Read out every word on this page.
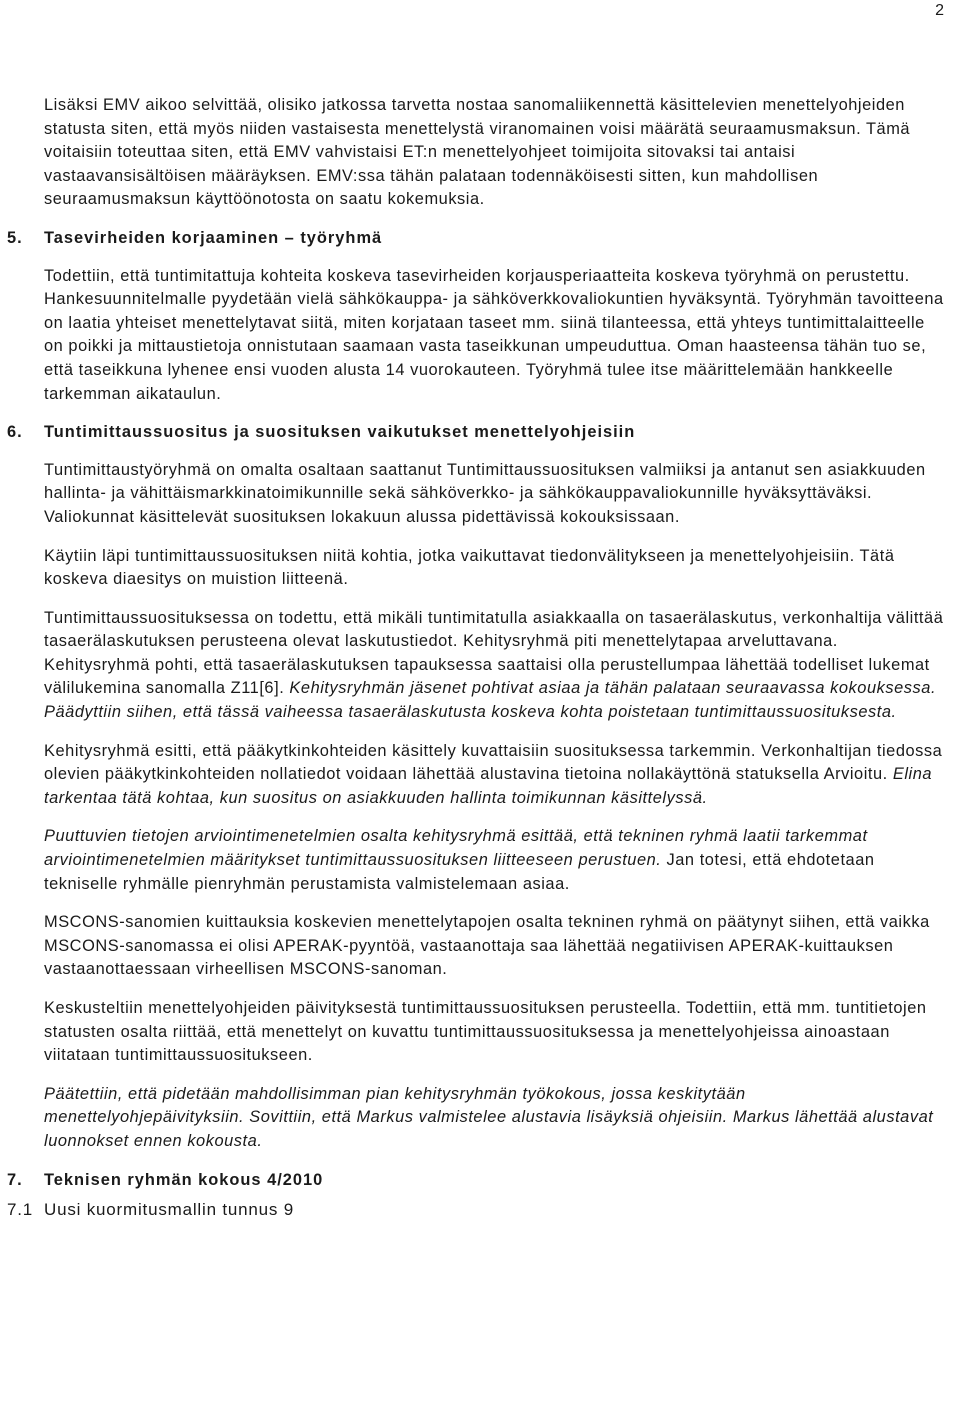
2

Lisäksi EMV aikoo selvittää, olisiko jatkossa tarvetta nostaa sanomaliikennettä käsittelevien menettelyohjeiden statusta siten, että myös niiden vastaisesta menettelystä viranomainen voisi määrätä seuraamusmaksun. Tämä voitaisiin toteuttaa siten, että EMV vahvistaisi ET:n menettelyohjeet toimijoita sitovaksi tai antaisi vastaavansisältöisen määräyksen. EMV:ssa tähän palataan todennäköisesti sitten, kun mahdollisen seuraamusmaksun käyttöönotosta on saatu kokemuksia.

5. Tasevirheiden korjaaminen – työryhmä

Todettiin, että tuntimitattuja kohteita koskeva tasevirheiden korjausperiaatteita koskeva työryhmä on perustettu. Hankesuunnitelmalle pyydetään vielä sähkökauppa- ja sähköverkkovaliokuntien hyväksyntä. Työryhmän tavoitteena on laatia yhteiset menettelytavat siitä, miten korjataan taseet mm. siinä tilanteessa, että yhteys tuntimittalaitteelle on poikki ja mittaustietoja onnistutaan saamaan vasta taseikkunan umpeuduttua. Oman haasteensa tähän tuo se, että taseikkuna lyhenee ensi vuoden alusta 14 vuorokauteen. Työryhmä tulee itse määrittelemään hankkeelle tarkemman aikataulun.

6. Tuntimittaussuositus ja suosituksen vaikutukset menettelyohjeisiin

Tuntimittaustyöryhmä on omalta osaltaan saattanut Tuntimittaussuosituksen valmiiksi ja antanut sen asiakkuuden hallinta- ja vähittäismarkkinatoimikunnille sekä sähköverkko- ja sähkökauppavaliokunnille hyväksyttäväksi. Valiokunnat käsittelevät suosituksen lokakuun alussa pidettävissä kokouksissaan.

Käytiin läpi tuntimittaussuosituksen niitä kohtia, jotka vaikuttavat tiedonvälitykseen ja menettelyohjeisiin. Tätä koskeva diaesitys on muistion liitteenä.

Tuntimittaussuosituksessa on todettu, että mikäli tuntimitatulla asiakkaalla on tasaerälaskutus, verkonhaltija välittää tasaerälaskutuksen perusteena olevat laskutustiedot. Kehitysryhmä piti menettelytapaa arveluttavana. Kehitysryhmä pohti, että tasaerälaskutuksen tapauksessa saattaisi olla perustellumpaa lähettää todelliset lukemat välilukemina sanomalla Z11[6]. Kehitysryhmän jäsenet pohtivat asiaa ja tähän palataan seuraavassa kokouksessa. Päädyttiin siihen, että tässä vaiheessa tasaerälaskutusta koskeva kohta poistetaan tuntimittaussuosituksesta.

Kehitysryhmä esitti, että pääkytkinkohteiden käsittely kuvattaisiin suosituksessa tarkemmin. Verkonhaltijan tiedossa olevien pääkytkinkohteiden nollatiedot voidaan lähettää alustavina tietoina nollakäyttönä statuksella Arvioitu. Elina tarkentaa tätä kohtaa, kun suositus on asiakkuuden hallinta toimikunnan käsittelyssä.

Puuttuvien tietojen arviointimenetelmien osalta kehitysryhmä esittää, että tekninen ryhmä laatii tarkemmat arviointimenetelmien määritykset tuntimittaussuosituksen liitteeseen perustuen. Jan totesi, että ehdotetaan tekniselle ryhmälle pienryhmän perustamista valmistelemaan asiaa.

MSCONS-sanomien kuittauksia koskevien menettelytapojen osalta tekninen ryhmä on päätynyt siihen, että vaikka MSCONS-sanomassa ei olisi APERAK-pyyntöä, vastaanottaja saa lähettää negatiivisen APERAK-kuittauksen vastaanottaessaan virheellisen MSCONS-sanoman.

Keskusteltiin menettelyohjeiden päivityksestä tuntimittaussuosituksen perusteella. Todettiin, että mm. tuntitietojen statusten osalta riittää, että menettelyt on kuvattu tuntimittaussuosituksessa ja menettelyohjeissa ainoastaan viitataan tuntimittaussuositukseen.

Päätettiin, että pidetään mahdollisimman pian kehitysryhmän työkokous, jossa keskitytään menettelyohjepäivityksiin. Sovittiin, että Markus valmistelee alustavia lisäyksiä ohjeisiin. Markus lähettää alustavat luonnokset ennen kokousta.

7. Teknisen ryhmän kokous 4/2010
7.1 Uusi kuormitusmallin tunnus 9
